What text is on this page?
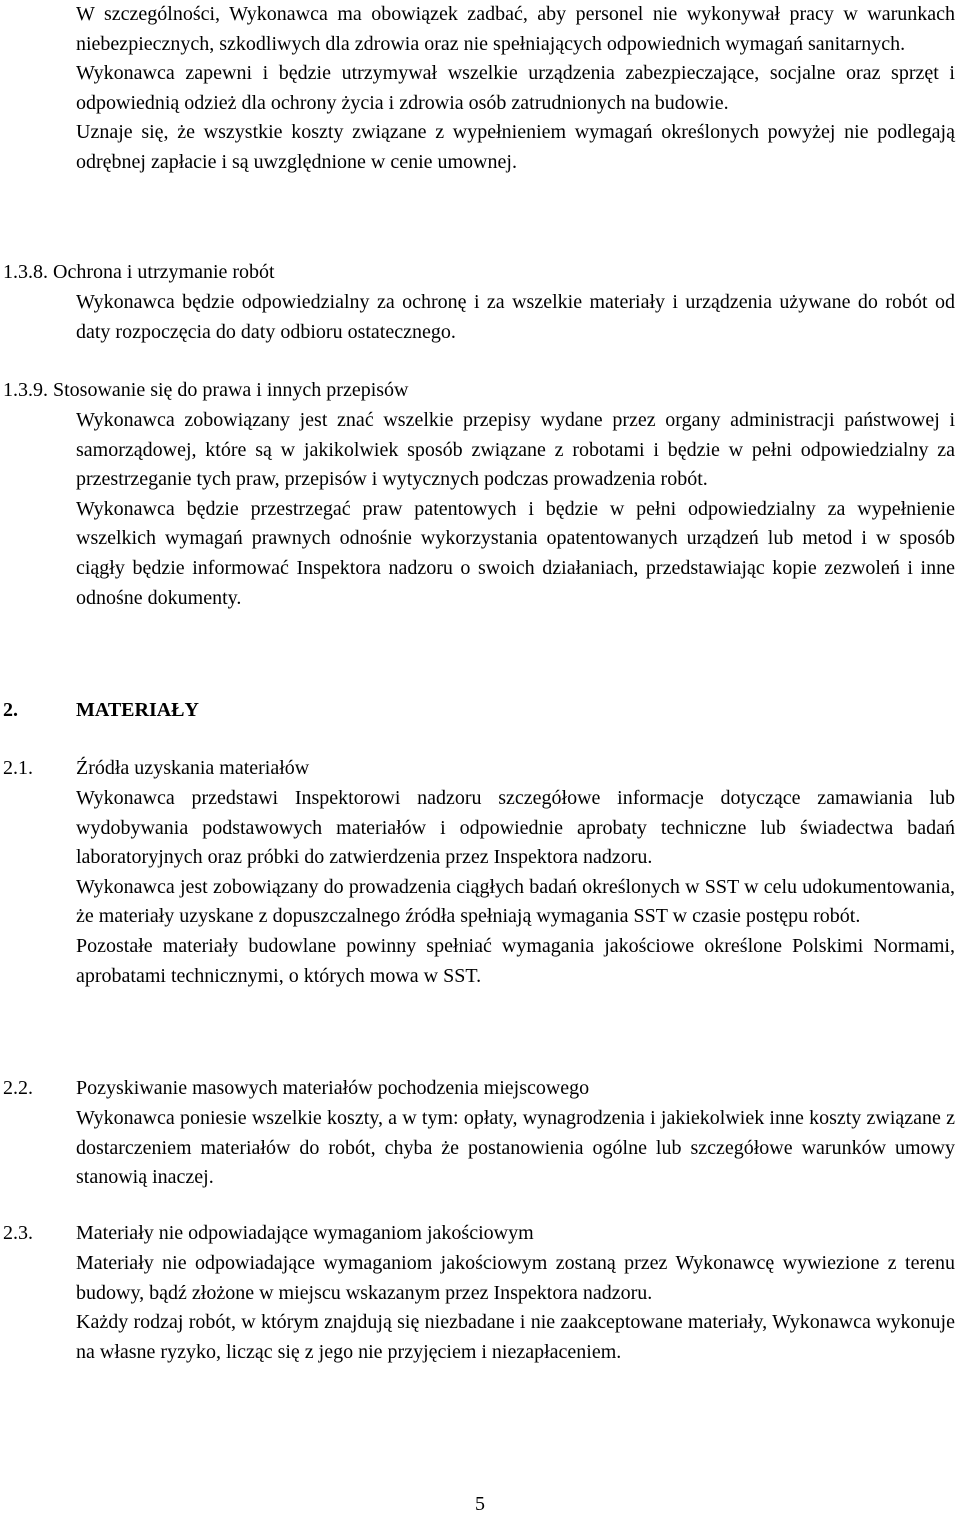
W szczególności, Wykonawca ma obowiązek zadbać, aby personel nie wykonywał pracy w warunkach niebezpiecznych, szkodliwych dla zdrowia oraz nie spełniających odpowiednich wymagań sanitarnych.

Wykonawca zapewni i będzie utrzymywał wszelkie urządzenia zabezpieczające, socjalne oraz sprzęt i odpowiednią odzież dla ochrony życia i zdrowia osób zatrudnionych na budowie.

Uznaje się, że wszystkie koszty związane z wypełnieniem wymagań określonych powyżej nie podlegają odrębnej zapłacie i są uwzględnione w cenie umownej.

1.3.8. Ochrona i utrzymanie robót

Wykonawca będzie odpowiedzialny za ochronę i za wszelkie materiały i urządzenia używane do robót od daty rozpoczęcia do daty odbioru ostatecznego.

1.3.9. Stosowanie się do prawa i innych przepisów

Wykonawca zobowiązany jest znać wszelkie przepisy wydane przez organy administracji państwowej i samorządowej, które są w jakikolwiek sposób związane z robotami i będzie w pełni odpowiedzialny za przestrzeganie tych praw, przepisów i wytycznych podczas prowadzenia robót.

Wykonawca będzie przestrzegać praw patentowych i będzie w pełni odpowiedzialny za wypełnienie wszelkich wymagań prawnych odnośnie wykorzystania opatentowanych urządzeń lub metod i w sposób ciągły będzie informować Inspektora nadzoru o swoich działaniach, przedstawiając kopie zezwoleń i inne odnośne dokumenty.

2.	MATERIAŁY

2.1. Źródła uzyskania materiałów

Wykonawca przedstawi Inspektorowi nadzoru szczegółowe informacje dotyczące zamawiania lub wydobywania podstawowych materiałów i odpowiednie aprobaty techniczne lub świadectwa badań laboratoryjnych oraz próbki do zatwierdzenia przez Inspektora nadzoru.

Wykonawca jest zobowiązany do prowadzenia ciągłych badań określonych w SST w celu udokumentowania, że materiały uzyskane z dopuszczalnego źródła spełniają wymagania SST w czasie postępu robót.

Pozostałe materiały budowlane powinny spełniać wymagania jakościowe określone Polskimi Normami, aprobatami technicznymi, o których mowa w SST.

2.2. Pozyskiwanie masowych materiałów pochodzenia miejscowego

Wykonawca poniesie wszelkie koszty, a w tym: opłaty, wynagrodzenia i jakiekolwiek inne koszty związane z dostarczeniem materiałów do robót, chyba że postanowienia ogólne lub szczegółowe warunków umowy stanowią inaczej.

2.3. Materiały nie odpowiadające wymaganiom jakościowym

Materiały nie odpowiadające wymaganiom jakościowym zostaną przez Wykonawcę wywiezione z terenu budowy, bądź złożone w miejscu wskazanym przez Inspektora nadzoru.

Każdy rodzaj robót, w którym znajdują się niezbadane i nie zaakceptowane materiały, Wykonawca wykonuje na własne ryzyko, licząc się z jego nie przyjęciem i niezapłaceniem.

5
